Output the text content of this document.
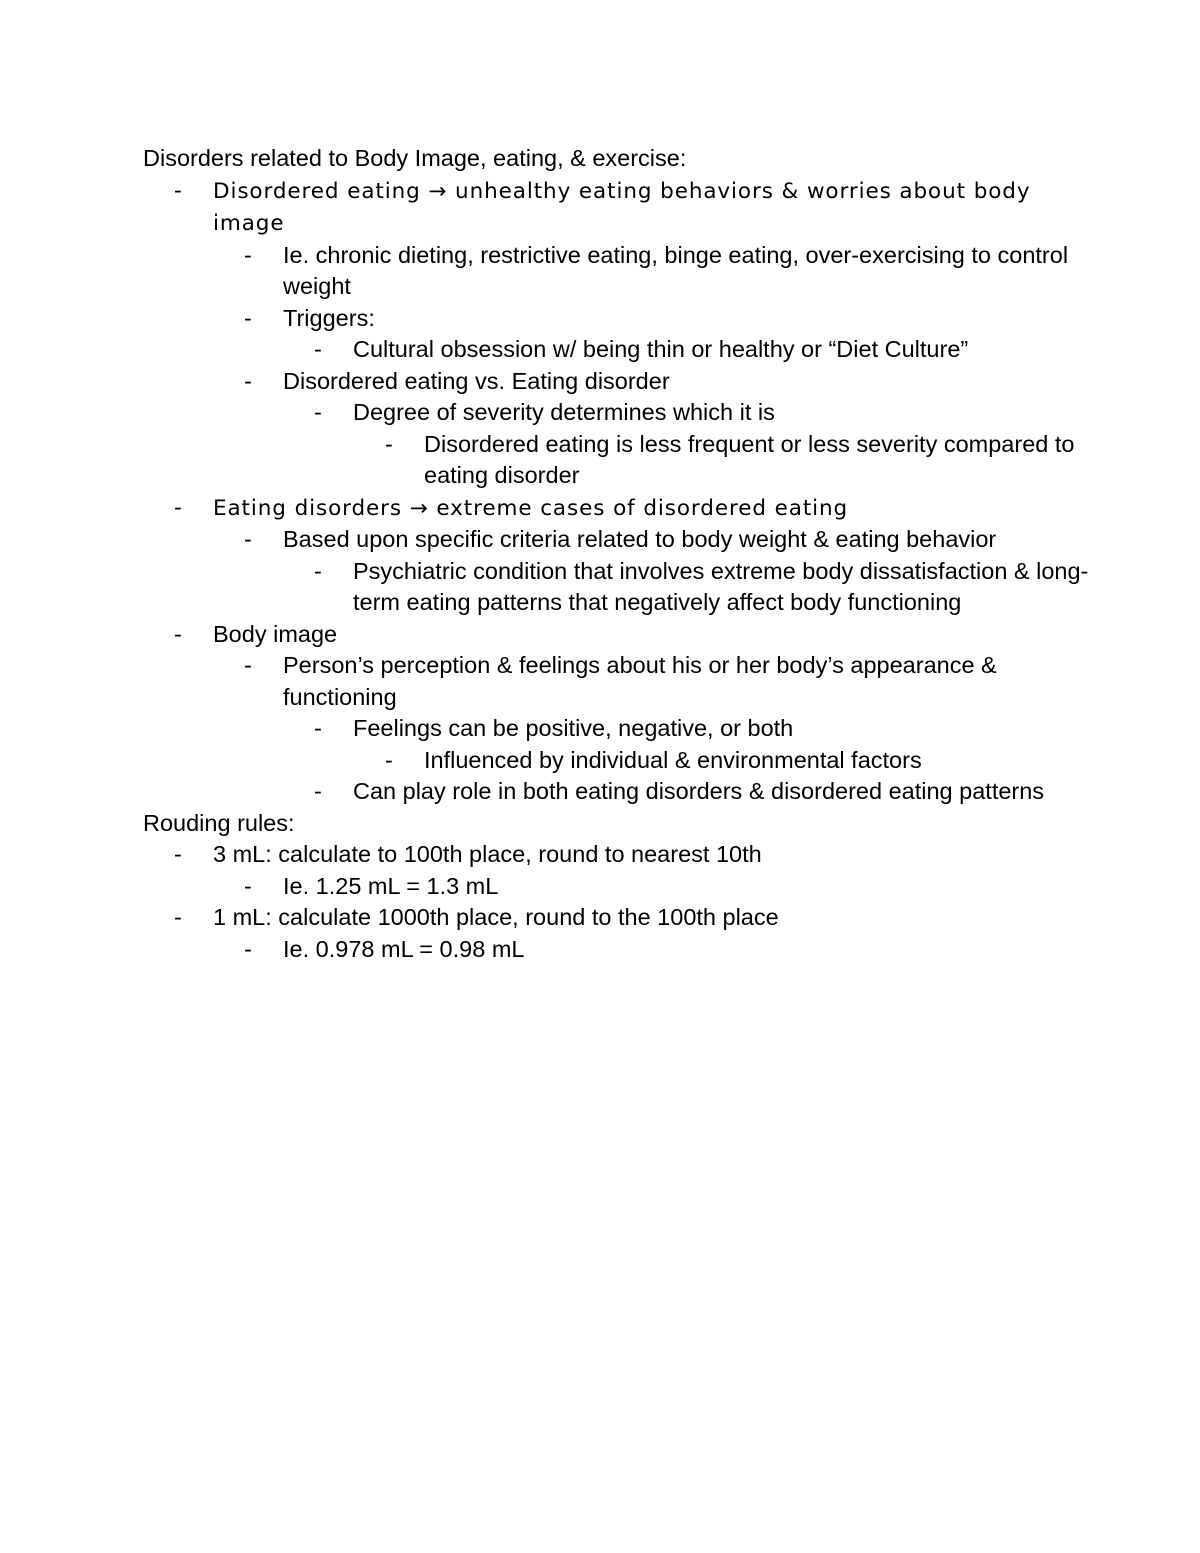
Disorders related to Body Image, eating, & exercise:

-	Disordered eating → unhealthy eating behaviors & worries about body image
-	Ie. chronic dieting, restrictive eating, binge eating, over-exercising to control weight
-	Triggers:
-	Cultural obsession w/ being thin or healthy or “Diet Culture”
-	Disordered eating vs. Eating disorder
-	Degree of severity determines which it is
-	Disordered eating is less frequent or less severity compared to eating disorder
-	Eating disorders → extreme cases of disordered eating
-	Based upon specific criteria related to body weight & eating behavior
-	Psychiatric condition that involves extreme body dissatisfaction & long-term eating patterns that negatively affect body functioning
-	Body image
-	Person’s perception & feelings about his or her body’s appearance & functioning
-	Feelings can be positive, negative, or both
-	Influenced by individual & environmental factors
-	Can play role in both eating disorders & disordered eating patterns

Rouding rules:

-	3 mL: calculate to 100th place, round to nearest 10th
-	Ie. 1.25 mL = 1.3 mL
-	1 mL: calculate 1000th place, round to the 100th place
-	Ie. 0.978 mL = 0.98 mL
